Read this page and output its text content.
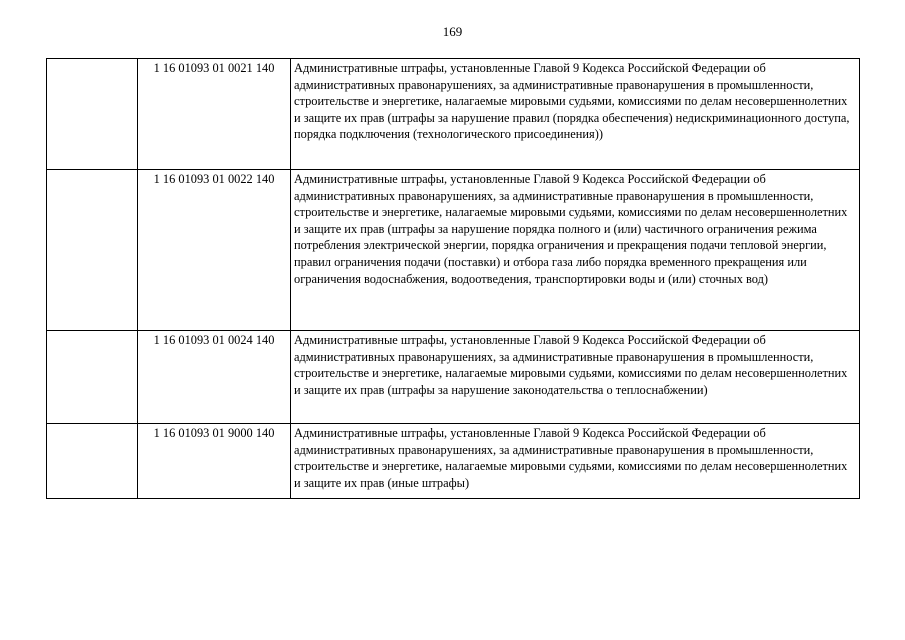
169
	1 16 01093 01 0021 140	Административные штрафы, установленные Главой 9 Кодекса Российской Федерации об административных правонарушениях, за административные правонарушения в промышленности, строительстве и энергетике, налагаемые мировыми судьями, комиссиями по делам несовершеннолетних и защите их прав (штрафы за нарушение правил (порядка обеспечения) недискриминационного доступа, порядка подключения (технологического присоединения))
	1 16 01093 01 0022 140	Административные штрафы, установленные Главой 9 Кодекса Российской Федерации об административных правонарушениях, за административные правонарушения в промышленности, строительстве и энергетике, налагаемые мировыми судьями, комиссиями по делам несовершеннолетних и защите их прав (штрафы за нарушение порядка полного и (или) частичного ограничения режима потребления электрической энергии, порядка ограничения и прекращения подачи тепловой энергии, правил ограничения подачи (поставки) и отбора газа либо порядка временного прекращения или ограничения водоснабжения, водоотведения, транспортировки воды и (или) сточных вод)
	1 16 01093 01 0024 140	Административные штрафы, установленные Главой 9 Кодекса Российской Федерации об административных правонарушениях, за административные правонарушения в промышленности, строительстве и энергетике, налагаемые мировыми судьями, комиссиями по делам несовершеннолетних и защите их прав (штрафы за нарушение законодательства о теплоснабжении)
	1 16 01093 01 9000 140	Административные штрафы, установленные Главой 9 Кодекса Российской Федерации об административных правонарушениях, за административные правонарушения в промышленности, строительстве и энергетике, налагаемые мировыми судьями, комиссиями по делам несовершеннолетних и защите их прав (иные штрафы)
